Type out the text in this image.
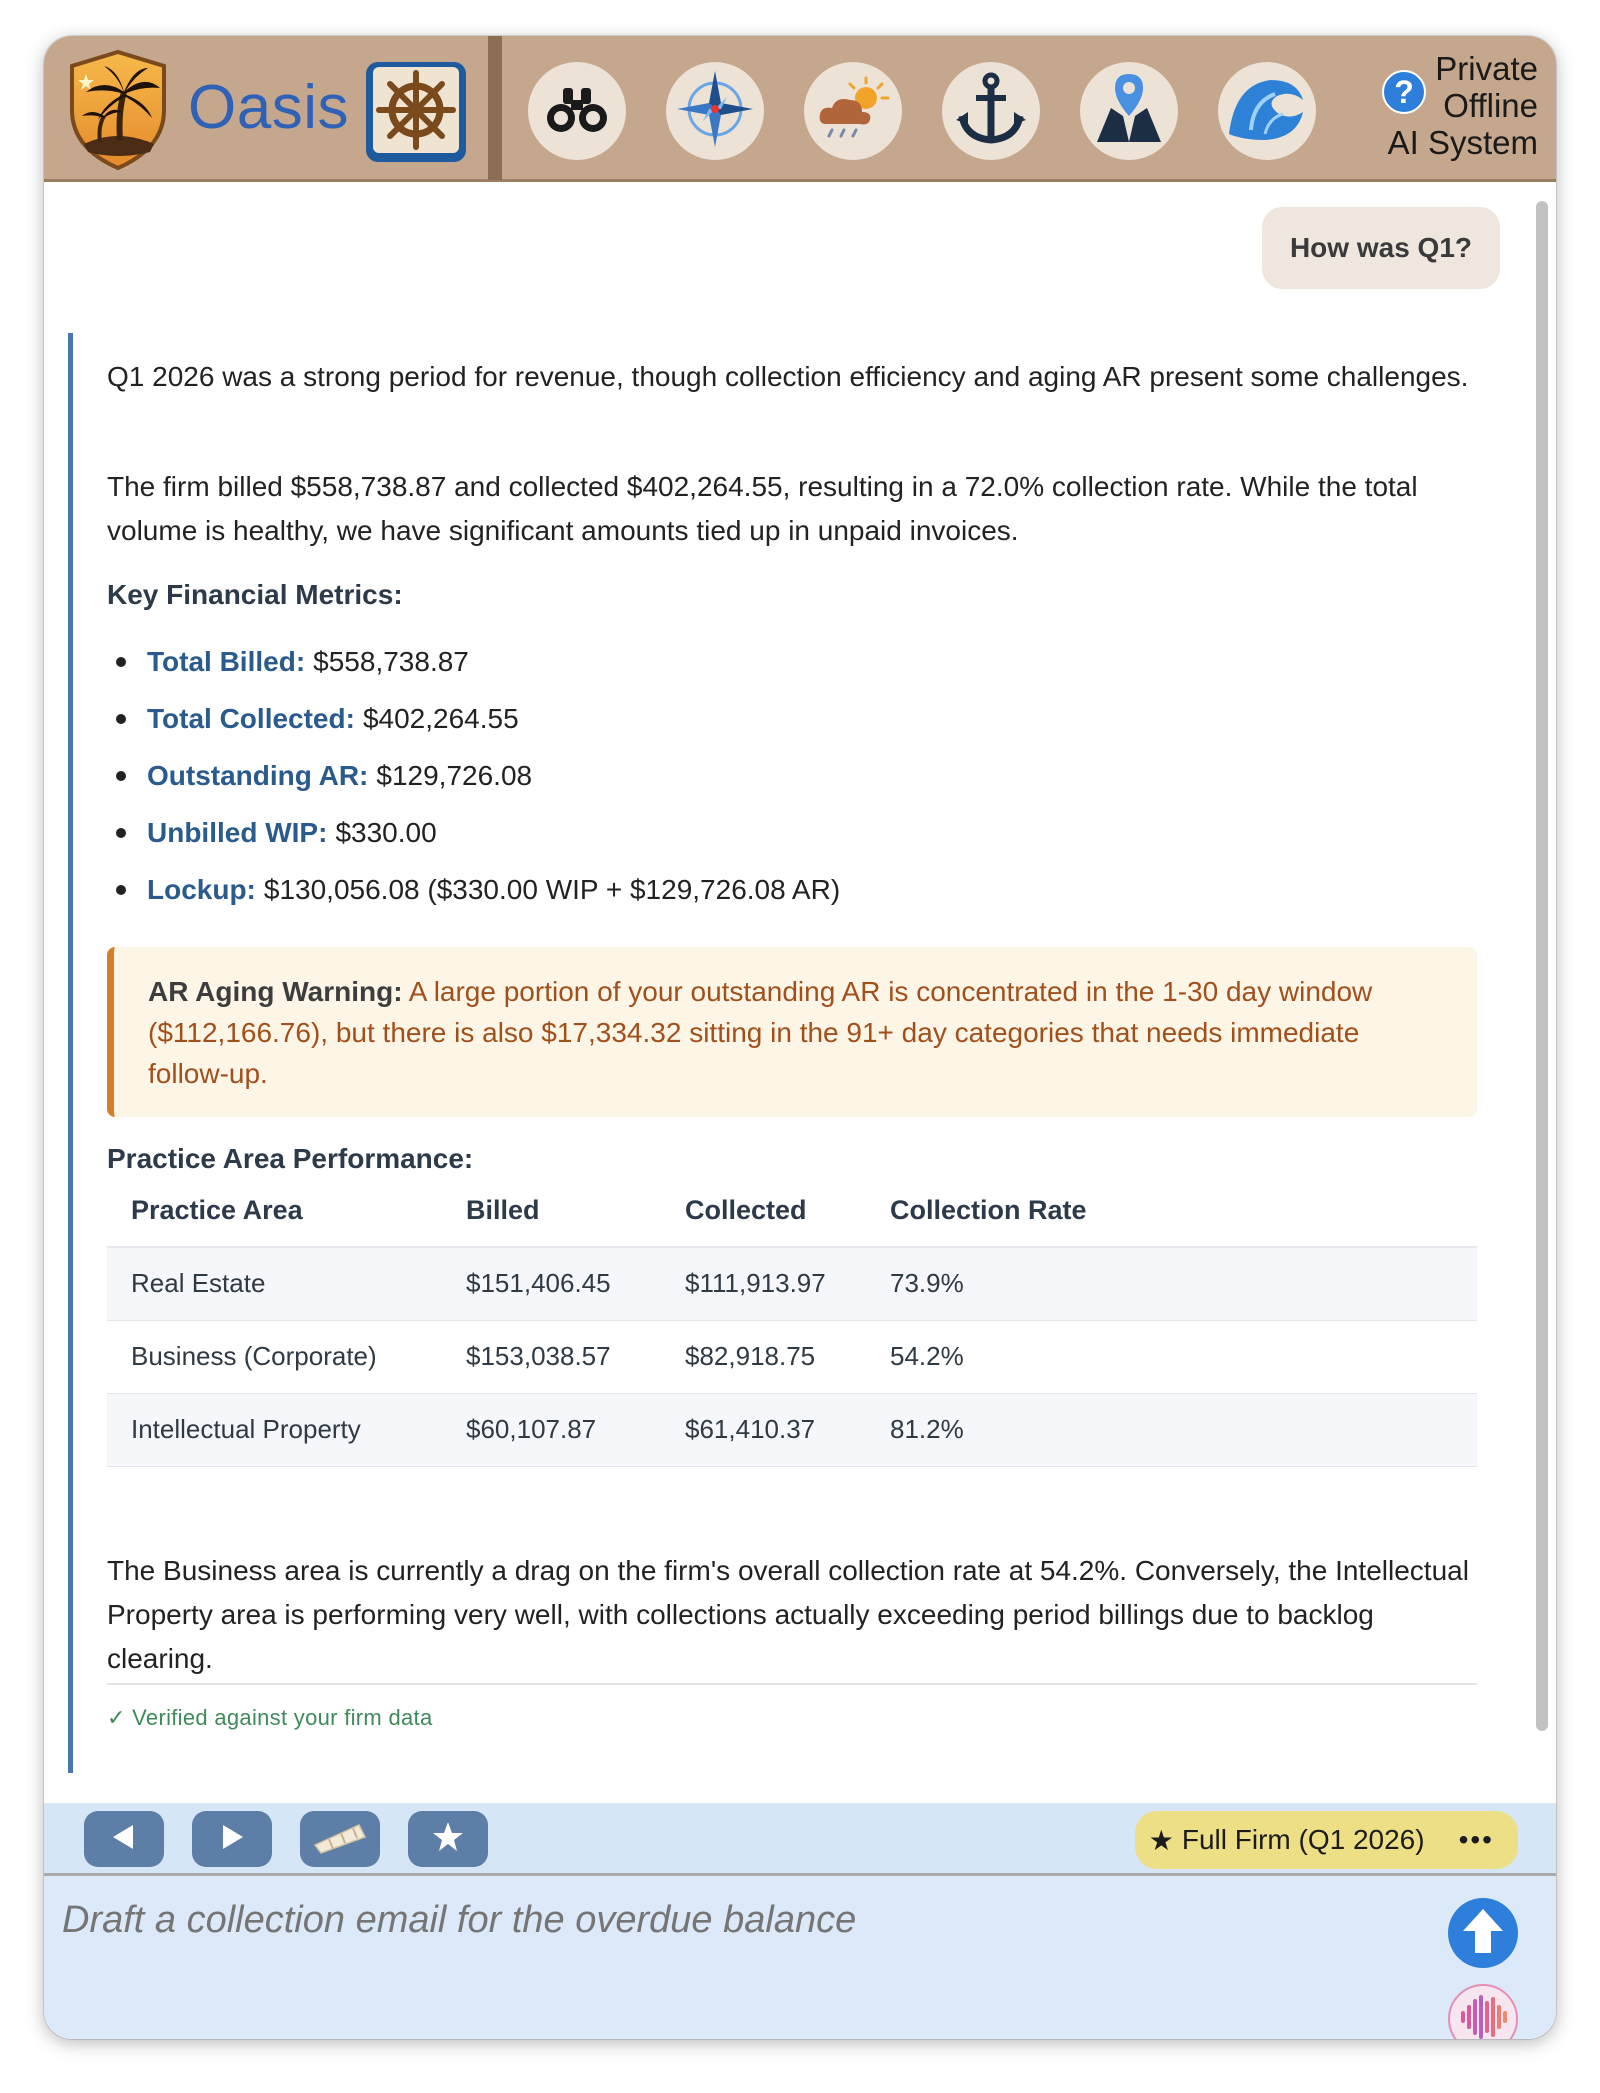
Oasis	?
Private
Offline
AI System
How was Q1?

Q1 2026 was a strong period for revenue, though collection efficiency and aging AR present some challenges.

The firm billed $558,738.87 and collected $402,264.55, resulting in a 72.0% collection rate. While the total volume is healthy, we have significant amounts tied up in unpaid invoices.

Key Financial Metrics:
Total Billed: $558,738.87
Total Collected: $402,264.55
Outstanding AR: $129,726.08
Unbilled WIP: $330.00
Lockup: $130,056.08 ($330.00 WIP + $129,726.08 AR)
AR Aging Warning: A large portion of your outstanding AR is concentrated in the 1-30 day window ($112,166.76), but there is also $17,334.32 sitting in the 91+ day categories that needs immediate follow-up.
Practice Area Performance:
Practice Area	Billed	Collected	Collection Rate
Real Estate	$151,406.45	$111,913.97	73.9%
Business (Corporate)	$153,038.57	$82,918.75	54.2%
Intellectual Property	$60,107.87	$61,410.37	81.2%

The Business area is currently a drag on the firm's overall collection rate at 54.2%. Conversely, the Intellectual Property area is performing very well, with collections actually exceeding period billings due to backlog clearing.

✓ Verified against your firm data
★ Full Firm (Q1 2026) •••
Draft a collection email for the overdue balance
